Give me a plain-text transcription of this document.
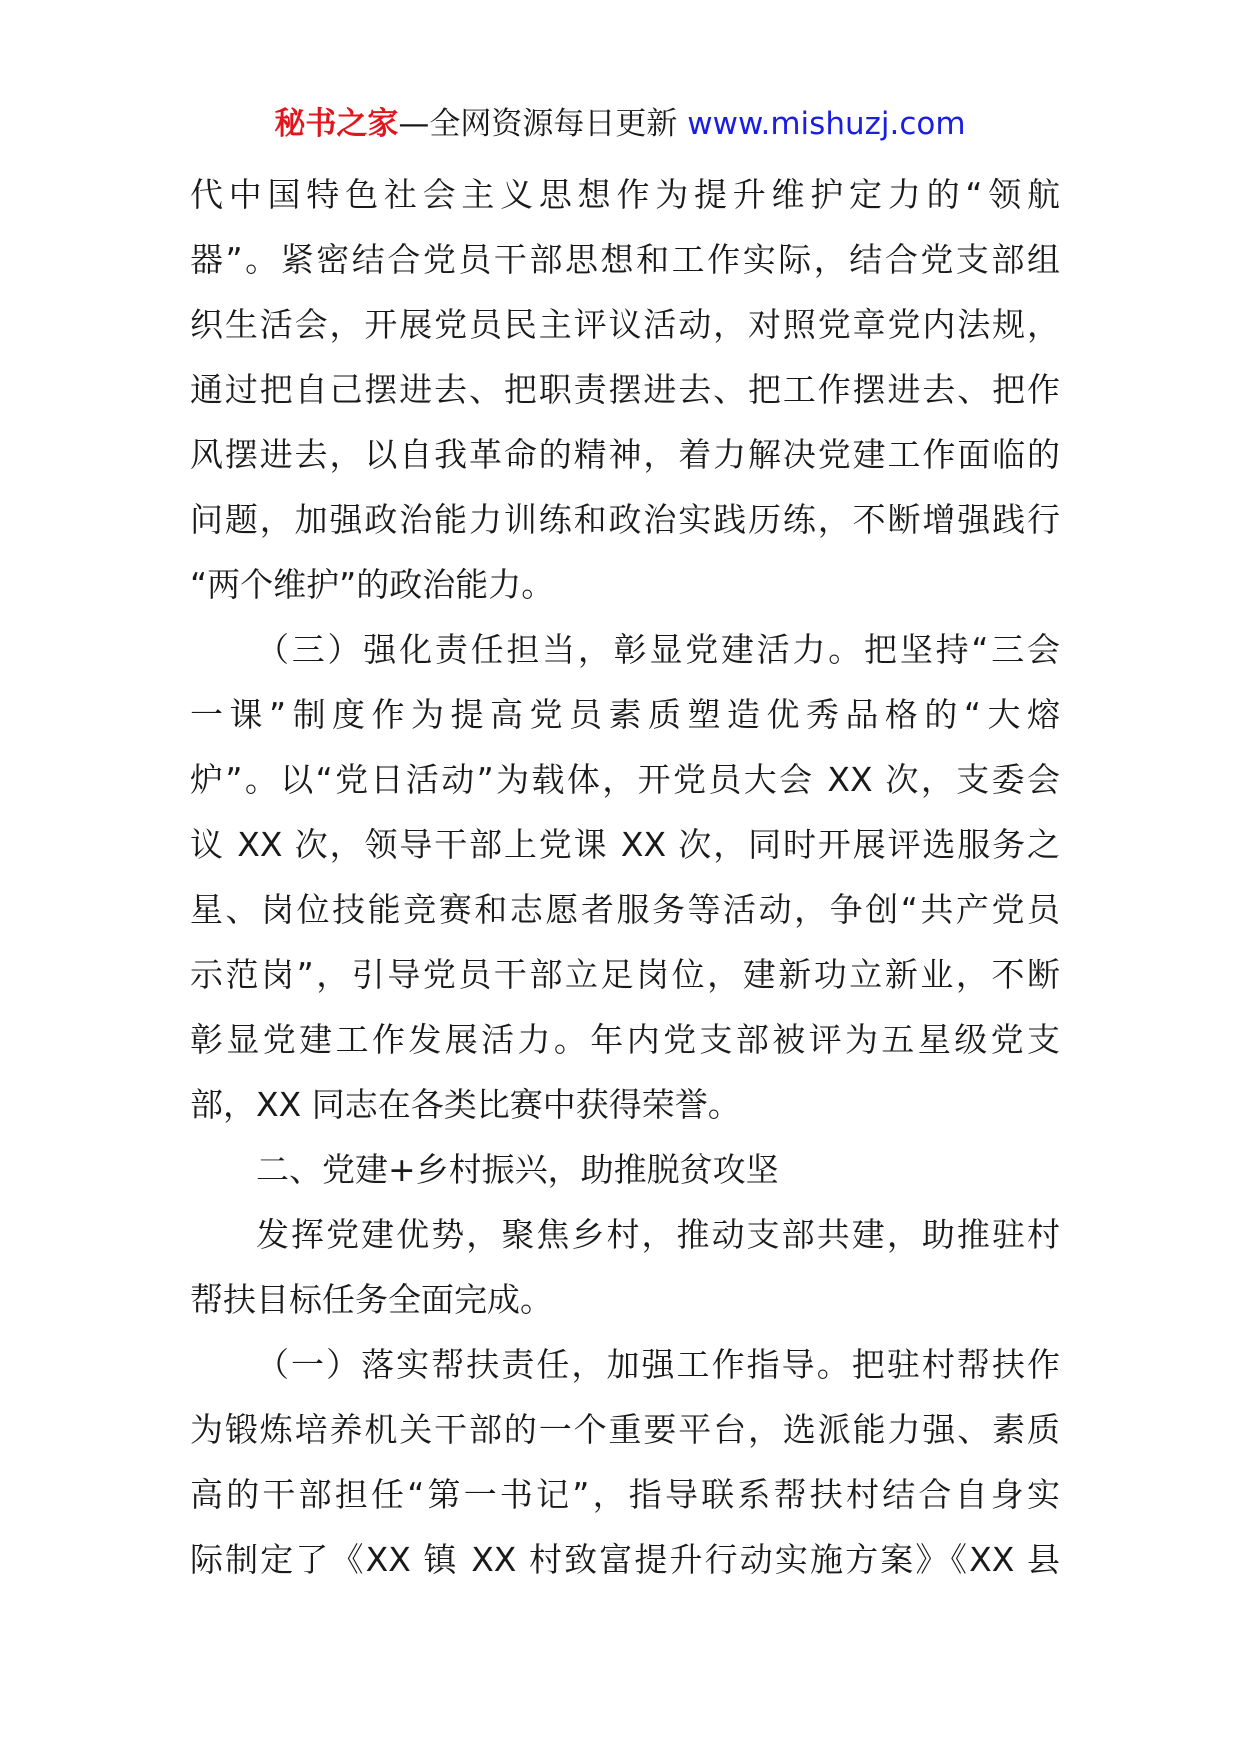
秘书之家—全网资源每日更新 www.mishuzj.com
代中国特色社会主义思想作为提升维护定力的“领航
器”。紧密结合党员干部思想和工作实际，结合党支部组
织生活会，开展党员民主评议活动，对照党章党内法规，
通过把自己摆进去、把职责摆进去、把工作摆进去、把作
风摆进去，以自我革命的精神，着力解决党建工作面临的
问题，加强政治能力训练和政治实践历练，不断增强践行
“两个维护”的政治能力。
（三）强化责任担当，彰显党建活力。把坚持“三会
一课”制度作为提高党员素质塑造优秀品格的“大熔
炉”。以“党日活动”为载体，开党员大会 XX 次，支委会
议 XX 次，领导干部上党课 XX 次，同时开展评选服务之
星、岗位技能竞赛和志愿者服务等活动，争创“共产党员
示范岗”，引导党员干部立足岗位，建新功立新业，不断
彰显党建工作发展活力。年内党支部被评为五星级党支
部，XX 同志在各类比赛中获得荣誉。
二、党建+乡村振兴，助推脱贫攻坚
发挥党建优势，聚焦乡村，推动支部共建，助推驻村
帮扶目标任务全面完成。
（一）落实帮扶责任，加强工作指导。把驻村帮扶作
为锻炼培养机关干部的一个重要平台，选派能力强、素质
高的干部担任“第一书记”，指导联系帮扶村结合自身实
际制定了《XX 镇 XX 村致富提升行动实施方案》《XX 县
